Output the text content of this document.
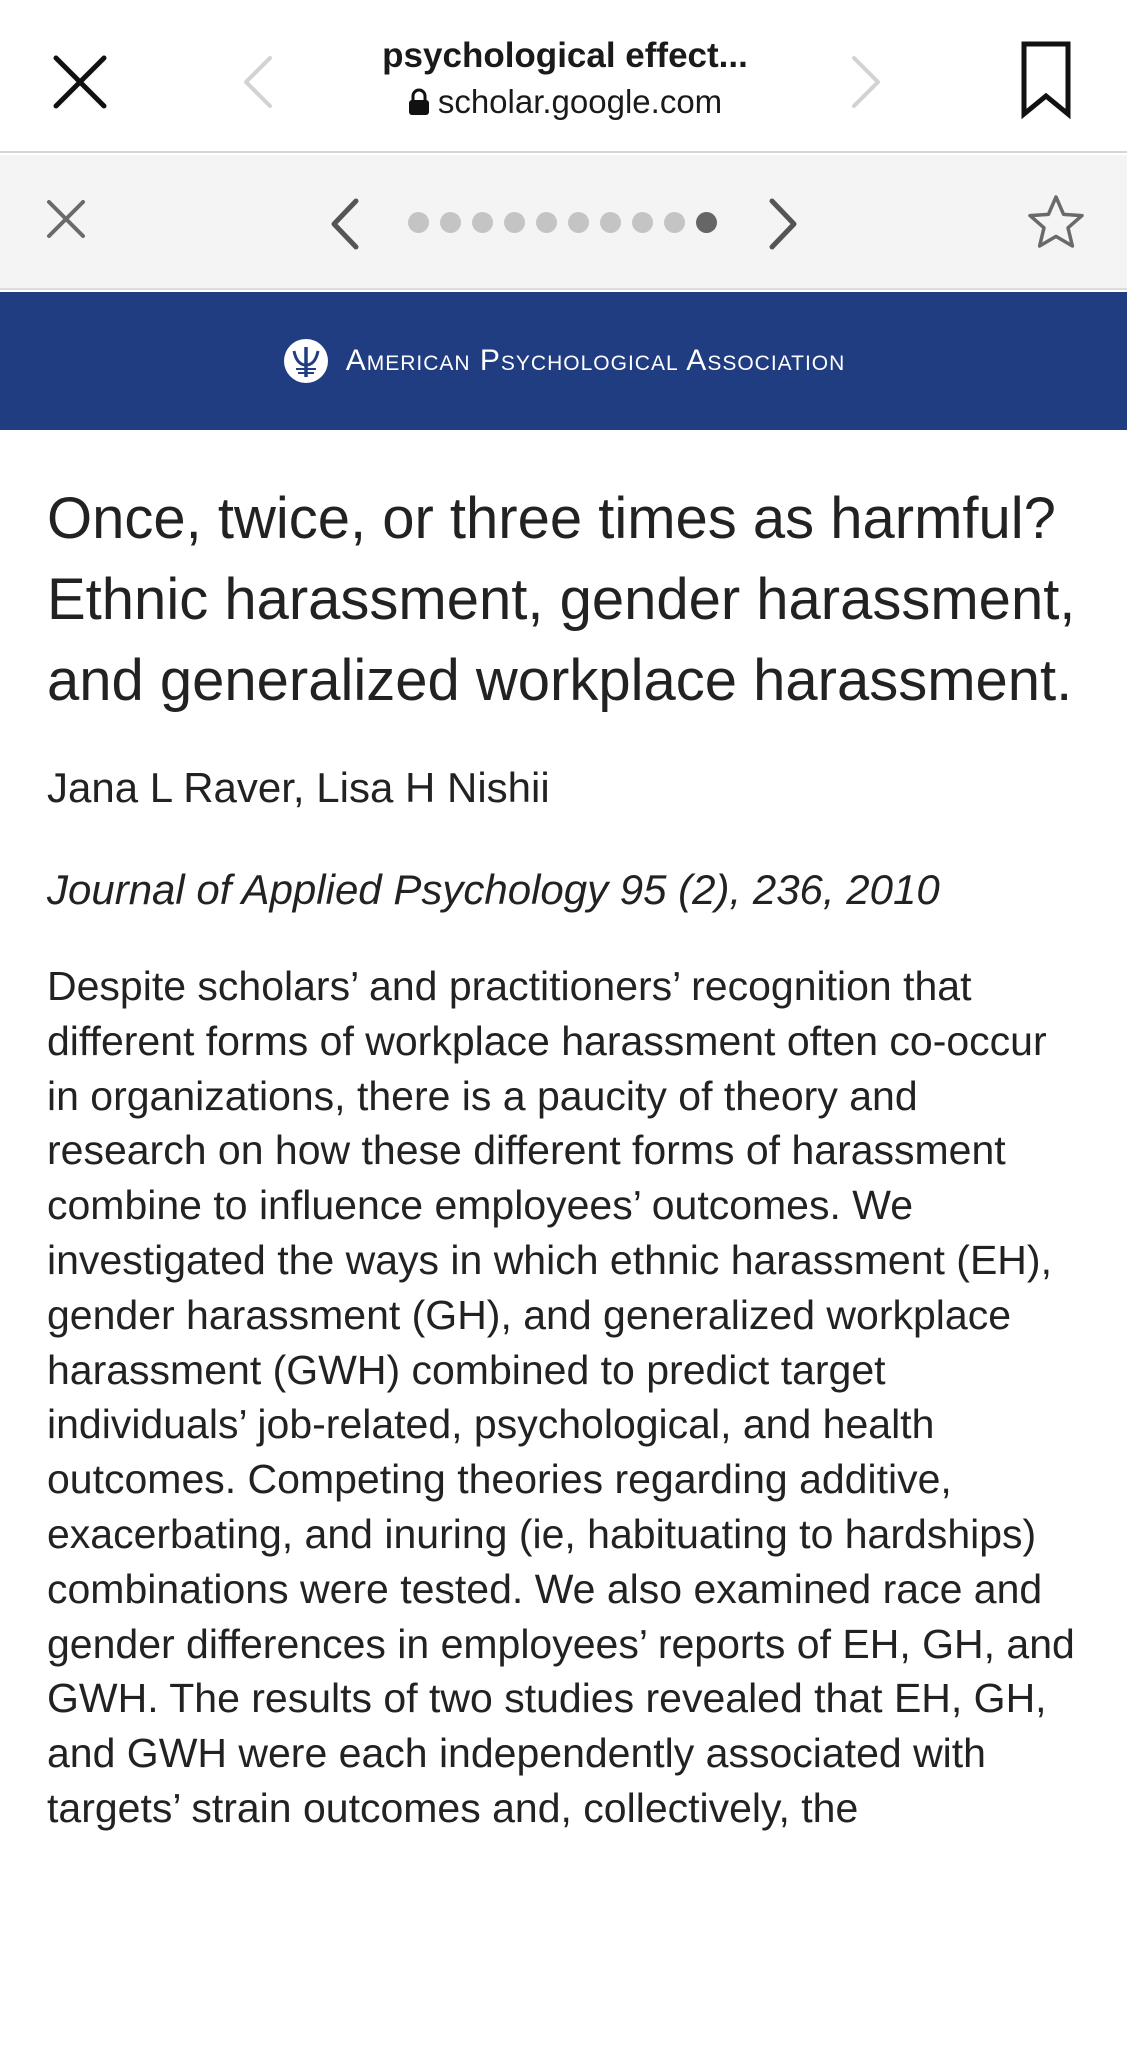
psychological effect...
scholar.google.com
American Psychological Association
Once, twice, or three times as harmful? Ethnic harassment, gender harassment, and generalized workplace harassment.
Jana L Raver, Lisa H Nishii
Journal of Applied Psychology 95 (2), 236, 2010

Despite scholars’ and practitioners’ recognition that different forms of workplace harassment often co-occur in organizations, there is a paucity of theory and research on how these different forms of harassment combine to influence employees’ outcomes. We investigated the ways in which ethnic harassment (EH), gender harassment (GH), and generalized workplace harassment (GWH) combined to predict target individuals’ job-related, psychological, and health outcomes. Competing theories regarding additive, exacerbating, and inuring (ie, habituating to hardships) combinations were tested. We also examined race and gender differences in employees’ reports of EH, GH, and GWH. The results of two studies revealed that EH, GH, and GWH were each independently associated with targets’ strain outcomes and, collectively, the
